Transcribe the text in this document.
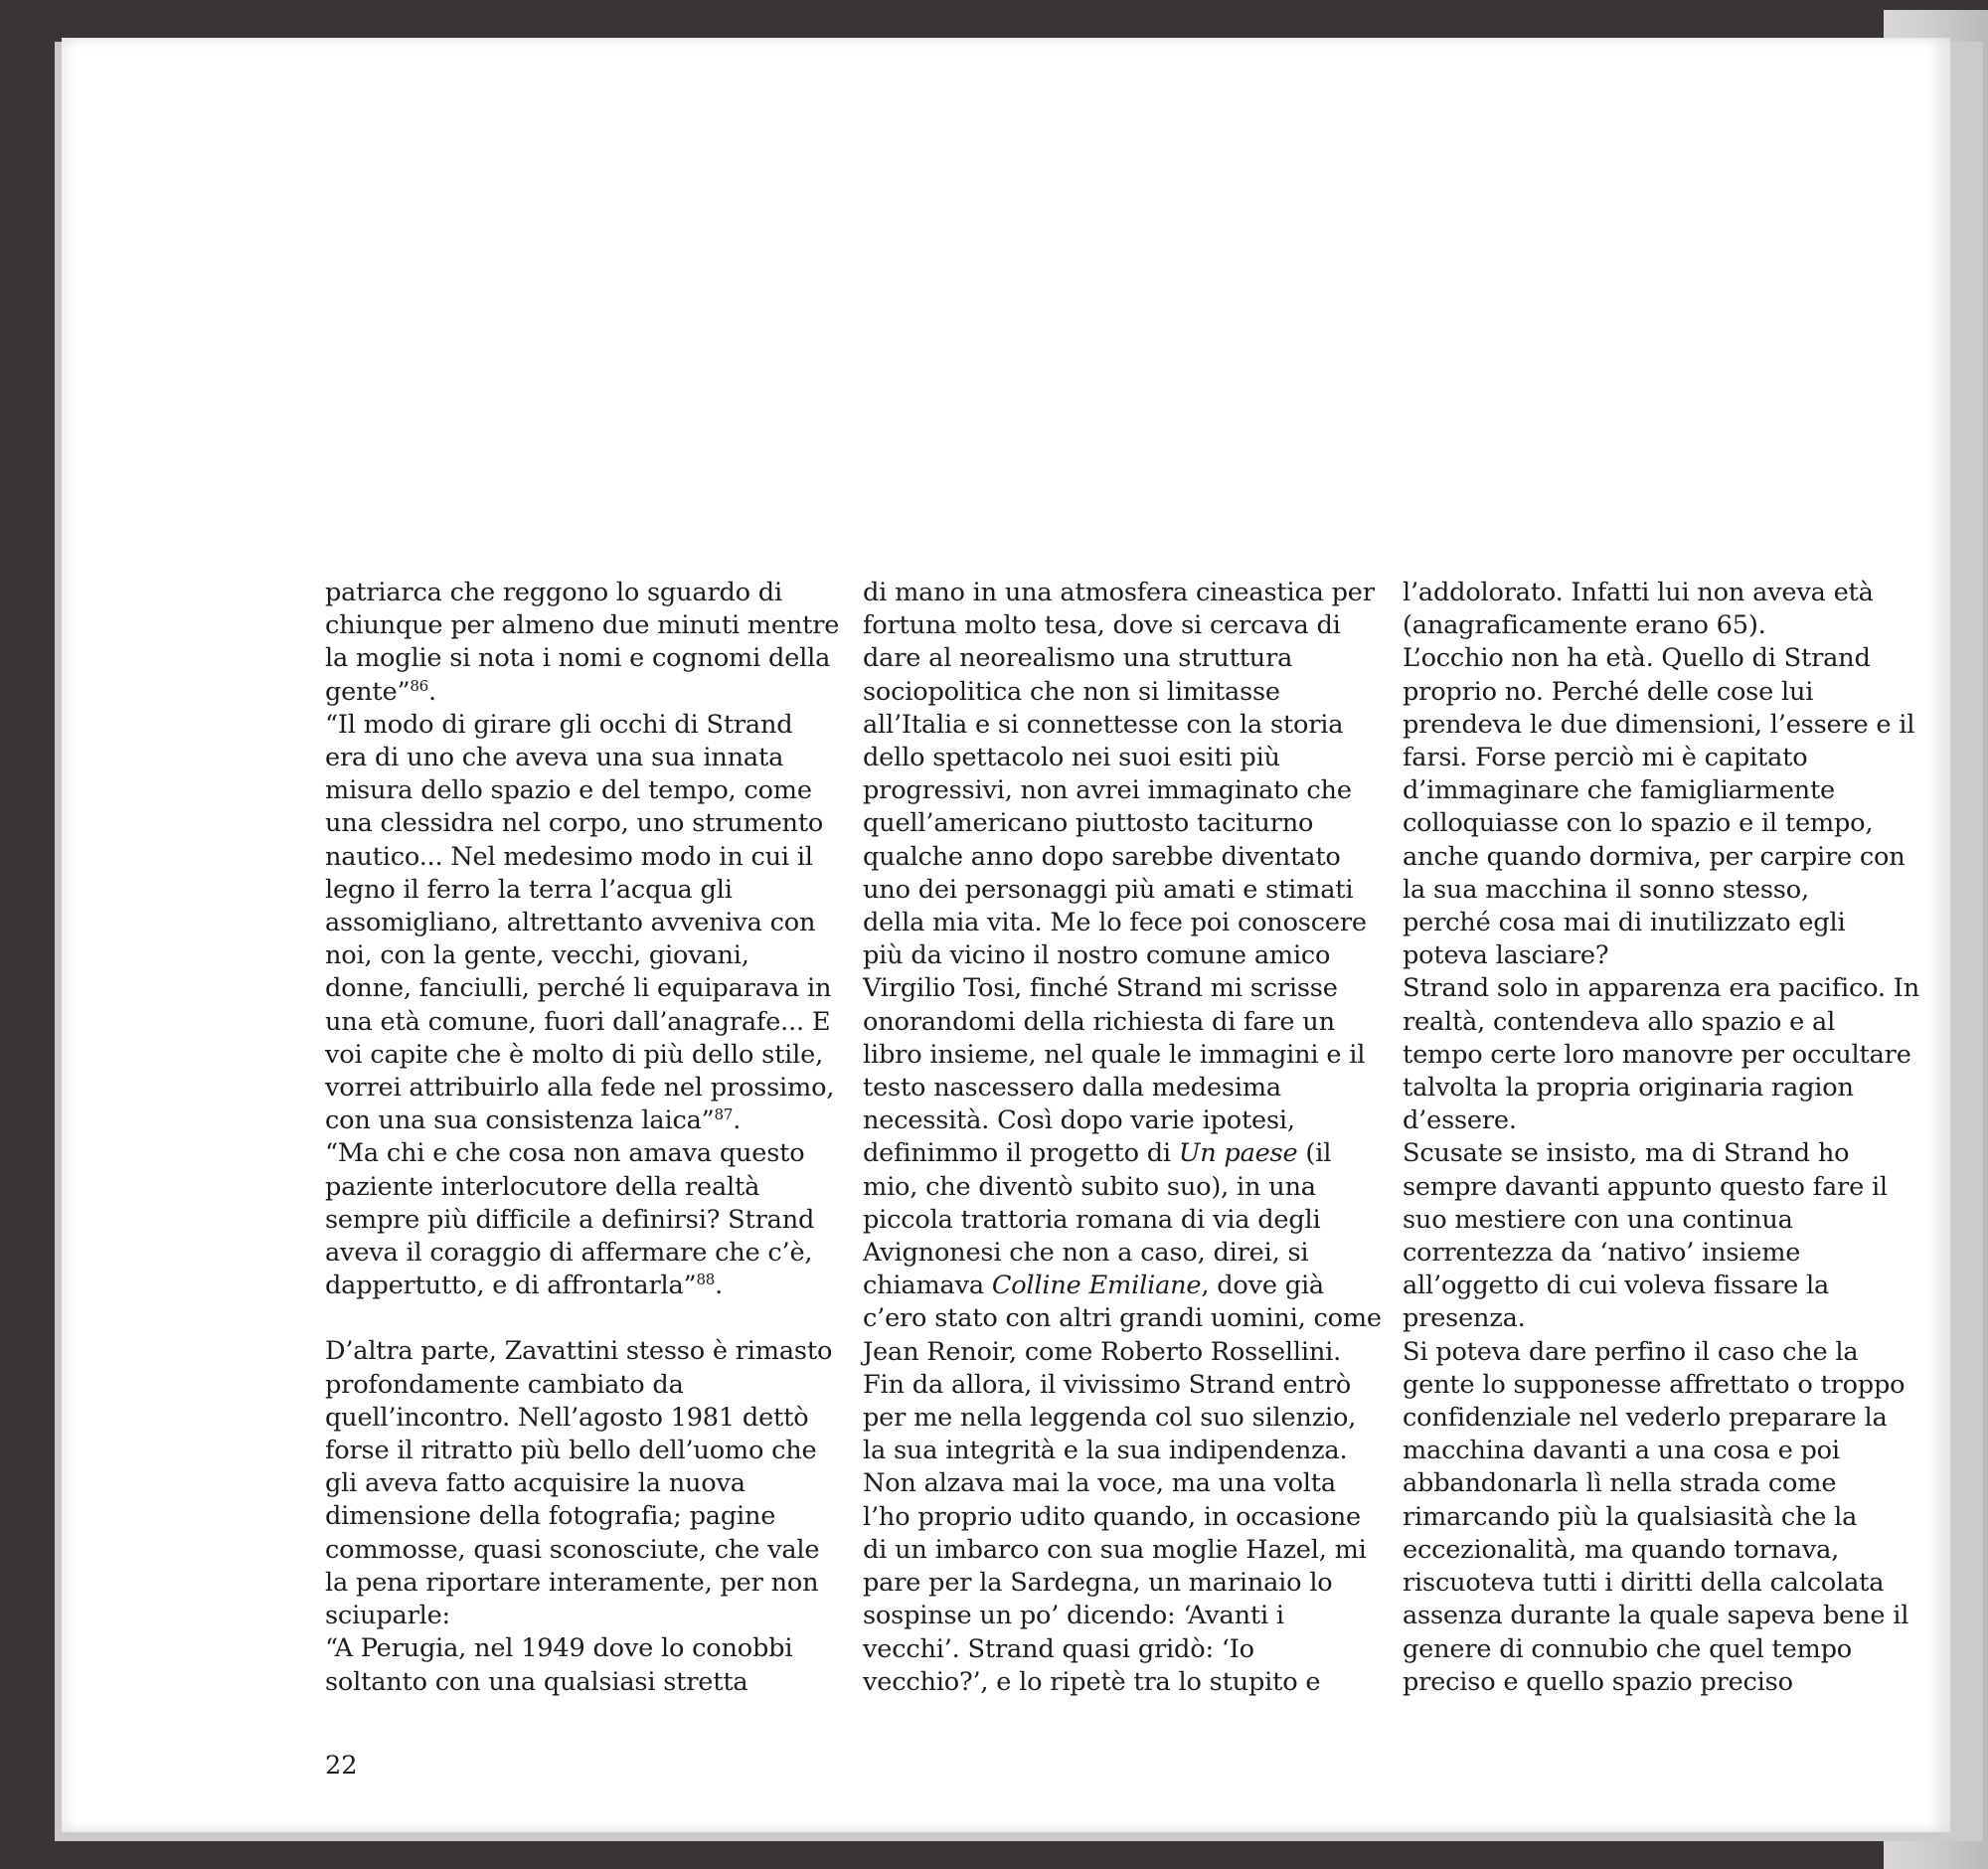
patriarca che reggono lo sguardo di

chiunque per almeno due minuti mentre

la moglie si nota i nomi e cognomi della

gente”$^{86}$.

“Il modo di girare gli occhi di Strand

era di uno che aveva una sua innata

misura dello spazio e del tempo, come

una clessidra nel corpo, uno strumento

nautico... Nel medesimo modo in cui il

legno il ferro la terra l’acqua gli

assomigliano, altrettanto avveniva con

noi, con la gente, vecchi, giovani,

donne, fanciulli, perché li equiparava in

una età comune, fuori dall’anagrafe... E

voi capite che è molto di più dello stile,

vorrei attribuirlo alla fede nel prossimo,

con una sua consistenza laica”$^{87}$.

“Ma chi e che cosa non amava questo

paziente interlocutore della realtà

sempre più difficile a definirsi? Strand

aveva il coraggio di affermare che c’è,

dappertutto, e di affrontarla”$^{88}$.

D’altra parte, Zavattini stesso è rimasto

profondamente cambiato da

quell’incontro. Nell’agosto 1981 dettò

forse il ritratto più bello dell’uomo che

gli aveva fatto acquisire la nuova

dimensione della fotografia; pagine

commosse, quasi sconosciute, che vale

la pena riportare interamente, per non

sciuparle:

“A Perugia, nel 1949 dove lo conobbi

soltanto con una qualsiasi stretta

di mano in una atmosfera cineastica per

fortuna molto tesa, dove si cercava di

dare al neorealismo una struttura

sociopolitica che non si limitasse

all’Italia e si connettesse con la storia

dello spettacolo nei suoi esiti più

progressivi, non avrei immaginato che

quell’americano piuttosto taciturno

qualche anno dopo sarebbe diventato

uno dei personaggi più amati e stimati

della mia vita. Me lo fece poi conoscere

più da vicino il nostro comune amico

Virgilio Tosi, finché Strand mi scrisse

onorandomi della richiesta di fare un

libro insieme, nel quale le immagini e il

testo nascessero dalla medesima

necessità. Così dopo varie ipotesi,

definimmo il progetto di Un paese (il

mio, che diventò subito suo), in una

piccola trattoria romana di via degli

Avignonesi che non a caso, direi, si

chiamava Colline Emiliane, dove già

c’ero stato con altri grandi uomini, come

Jean Renoir, come Roberto Rossellini.

Fin da allora, il vivissimo Strand entrò

per me nella leggenda col suo silenzio,

la sua integrità e la sua indipendenza.

Non alzava mai la voce, ma una volta

l’ho proprio udito quando, in occasione

di un imbarco con sua moglie Hazel, mi

pare per la Sardegna, un marinaio lo

sospinse un po’ dicendo: ‘Avanti i

vecchi’. Strand quasi gridò: ‘Io

vecchio?’, e lo ripetè tra lo stupito e

l’addolorato. Infatti lui non aveva età

(anagraficamente erano 65).

L’occhio non ha età. Quello di Strand

proprio no. Perché delle cose lui

prendeva le due dimensioni, l’essere e il

farsi. Forse perciò mi è capitato

d’immaginare che famigliarmente

colloquiasse con lo spazio e il tempo,

anche quando dormiva, per carpire con

la sua macchina il sonno stesso,

perché cosa mai di inutilizzato egli

poteva lasciare?

Strand solo in apparenza era pacifico. In

realtà, contendeva allo spazio e al

tempo certe loro manovre per occultare

talvolta la propria originaria ragion

d’essere.

Scusate se insisto, ma di Strand ho

sempre davanti appunto questo fare il

suo mestiere con una continua

correntezza da ‘nativo’ insieme

all’oggetto di cui voleva fissare la

presenza.

Si poteva dare perfino il caso che la

gente lo supponesse affrettato o troppo

confidenziale nel vederlo preparare la

macchina davanti a una cosa e poi

abbandonarla lì nella strada come

rimarcando più la qualsiasità che la

eccezionalità, ma quando tornava,

riscuoteva tutti i diritti della calcolata

assenza durante la quale sapeva bene il

genere di connubio che quel tempo

preciso e quello spazio preciso

22
